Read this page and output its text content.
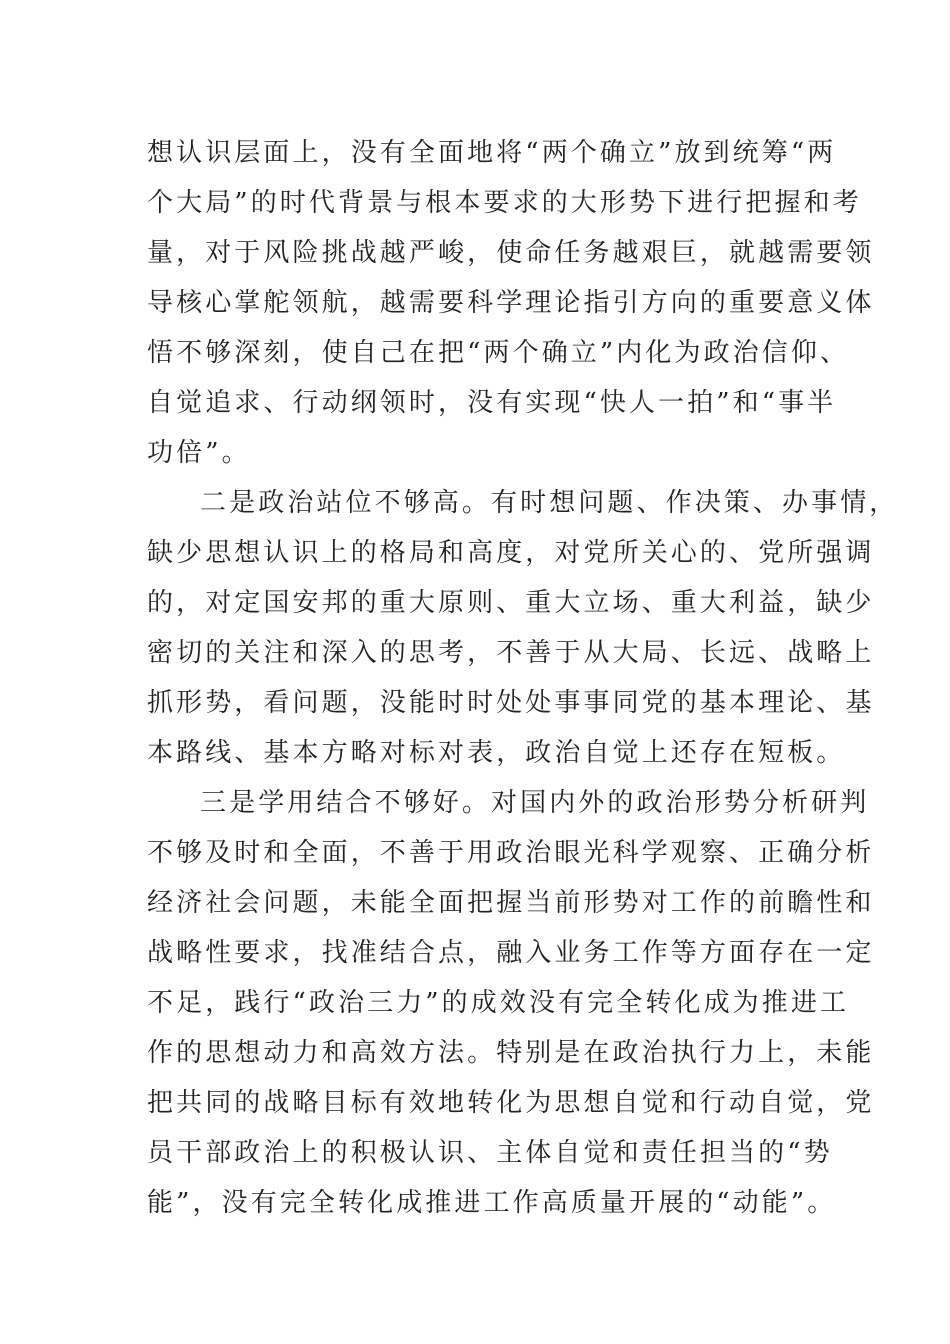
想认识层面上，没有全面地将“两个确立”放到统筹“两
个大局”的时代背景与根本要求的大形势下进行把握和考
量，对于风险挑战越严峻，使命任务越艰巨，就越需要领
导核心掌舵领航，越需要科学理论指引方向的重要意义体
悟不够深刻，使自己在把“两个确立”内化为政治信仰、
自觉追求、行动纲领时，没有实现“快人一拍”和“事半
功倍”。
二是政治站位不够高。有时想问题、作决策、办事情，
缺少思想认识上的格局和高度，对党所关心的、党所强调
的，对定国安邦的重大原则、重大立场、重大利益，缺少
密切的关注和深入的思考，不善于从大局、长远、战略上
抓形势，看问题，没能时时处处事事同党的基本理论、基
本路线、基本方略对标对表，政治自觉上还存在短板。
三是学用结合不够好。对国内外的政治形势分析研判
不够及时和全面，不善于用政治眼光科学观察、正确分析
经济社会问题，未能全面把握当前形势对工作的前瞻性和
战略性要求，找准结合点，融入业务工作等方面存在一定
不足，践行“政治三力”的成效没有完全转化成为推进工
作的思想动力和高效方法。特别是在政治执行力上，未能
把共同的战略目标有效地转化为思想自觉和行动自觉，党
员干部政治上的积极认识、主体自觉和责任担当的“势
能”，没有完全转化成推进工作高质量开展的“动能”。
